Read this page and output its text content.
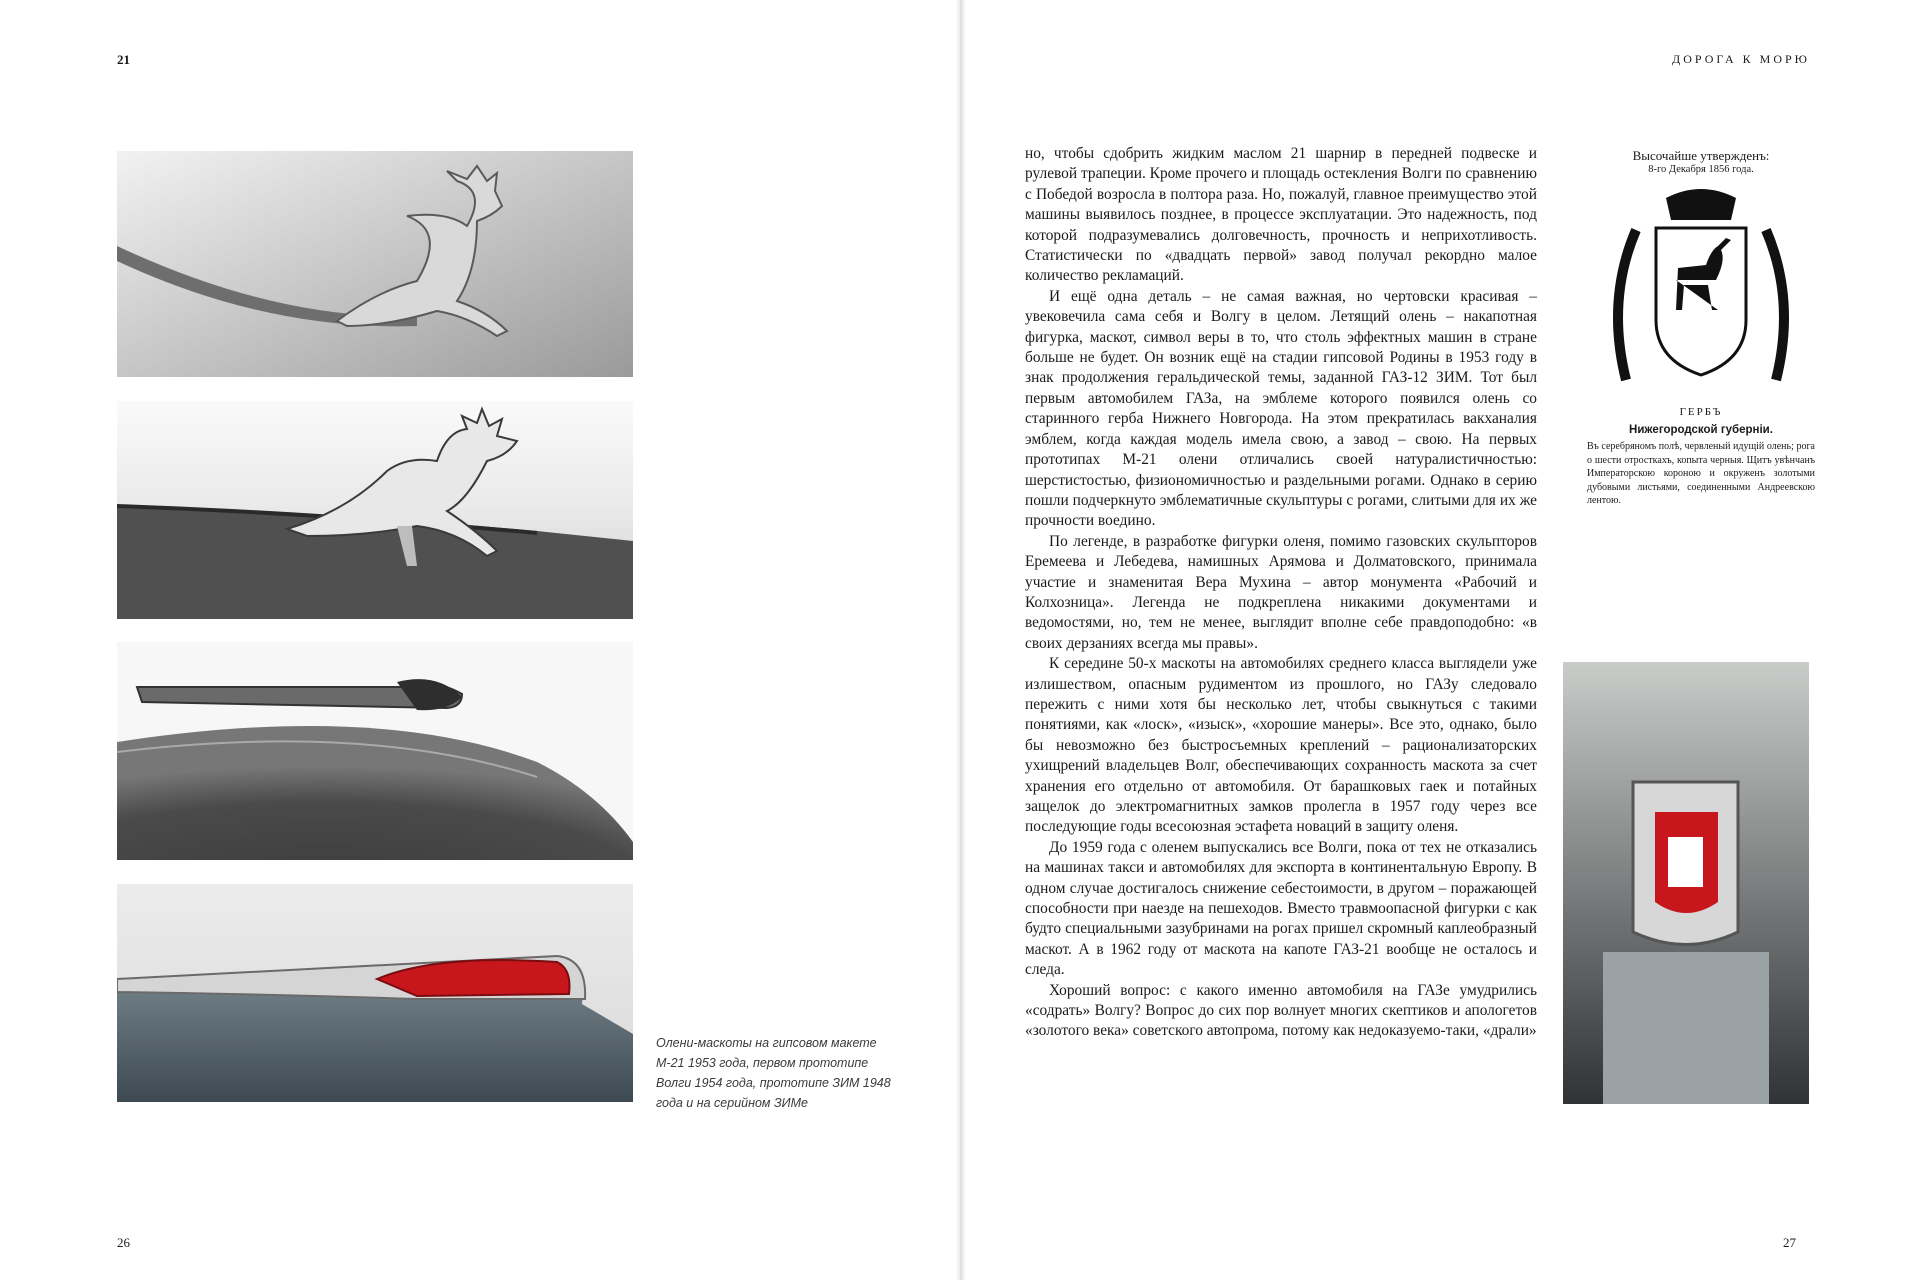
21	ДОРОГА К МОРЮ
Олени-маскоты на гипсовом макете М-21 1953 года, первом прототипе Волги 1954 года, прототипе ЗИМ 1948 года и на серийном ЗИМе

но, чтобы сдобрить жидким маслом 21 шарнир в передней подвеске и рулевой трапеции. Кроме прочего и площадь остекления Волги по сравнению с Победой возросла в полтора раза. Но, пожалуй, главное преимущество этой машины выявилось позднее, в процессе эксплуатации. Это надежность, под которой подразумевались долговечность, прочность и неприхотливость. Статистически по «двадцать первой» завод получал рекордно малое количество рекламаций.

И ещё одна деталь – не самая важная, но чертовски красивая – увековечила сама себя и Волгу в целом. Летящий олень – накапотная фигурка, маскот, символ веры в то, что столь эффектных машин в стране больше не будет. Он возник ещё на стадии гипсовой Родины в 1953 году в знак продолжения геральдической темы, заданной ГАЗ-12 ЗИМ. Тот был первым автомобилем ГАЗа, на эмблеме которого появился олень со старинного герба Нижнего Новгорода. На этом прекратилась вакханалия эмблем, когда каждая модель имела свою, а завод – свою. На первых прототипах М-21 олени отличались своей натуралистичностью: шерстистостью, физиономичностью и раздельными рогами. Однако в серию пошли подчеркнуто эмблематичные скульптуры с рогами, слитыми для их же прочности воедино.

По легенде, в разработке фигурки оленя, помимо газовских скульпторов Еремеева и Лебедева, намишных Арямова и Долматовского, принимала участие и знаменитая Вера Мухина – автор монумента «Рабочий и Колхозница». Легенда не подкреплена никакими документами и ведомостями, но, тем не менее, выглядит вполне себе правдоподобно: «в своих дерзаниях всегда мы правы».

К середине 50-х маскоты на автомобилях среднего класса выглядели уже излишеством, опасным рудиментом из прошлого, но ГАЗу следовало пережить с ними хотя бы несколько лет, чтобы свыкнуться с такими понятиями, как «лоск», «изыск», «хорошие манеры». Все это, однако, было бы невозможно без быстросъемных креплений – рационализаторских ухищрений владельцев Волг, обеспечивающих сохранность маскота за счет хранения его отдельно от автомобиля. От барашковых гаек и потайных защелок до электромагнитных замков пролегла в 1957 году через все последующие годы всесоюзная эстафета новаций в защиту оленя.

До 1959 года с оленем выпускались все Волги, пока от тех не отказались на машинах такси и автомобилях для экспорта в континентальную Европу. В одном случае достигалось снижение себестоимости, в другом – поражающей способности при наезде на пешеходов. Вместо травмоопасной фигурки с как будто специальными зазубринами на рогах пришел скромный каплеобразный маскот. А в 1962 году от маскота на капоте ГАЗ-21 вообще не осталось и следа.

Хороший вопрос: с какого именно автомобиля на ГАЗе умудрились «содрать» Волгу? Вопрос до сих пор волнует многих скептиков и апологетов «золотого века» советского автопрома, потому как недоказуемо-таки, «драли»

Высочайше утвержденъ:
8-го Декабря 1856 года.
ГЕРБЪ
Нижегородской губерніи.
Въ серебряномъ полѣ, червленый идущій олень; рога о шести отросткахъ, копыта черныя. Щитъ увѣнчанъ Императорскою короною и окруженъ золотыми дубовыми листьями, соединенными Андреевскою лентою.
26	27
